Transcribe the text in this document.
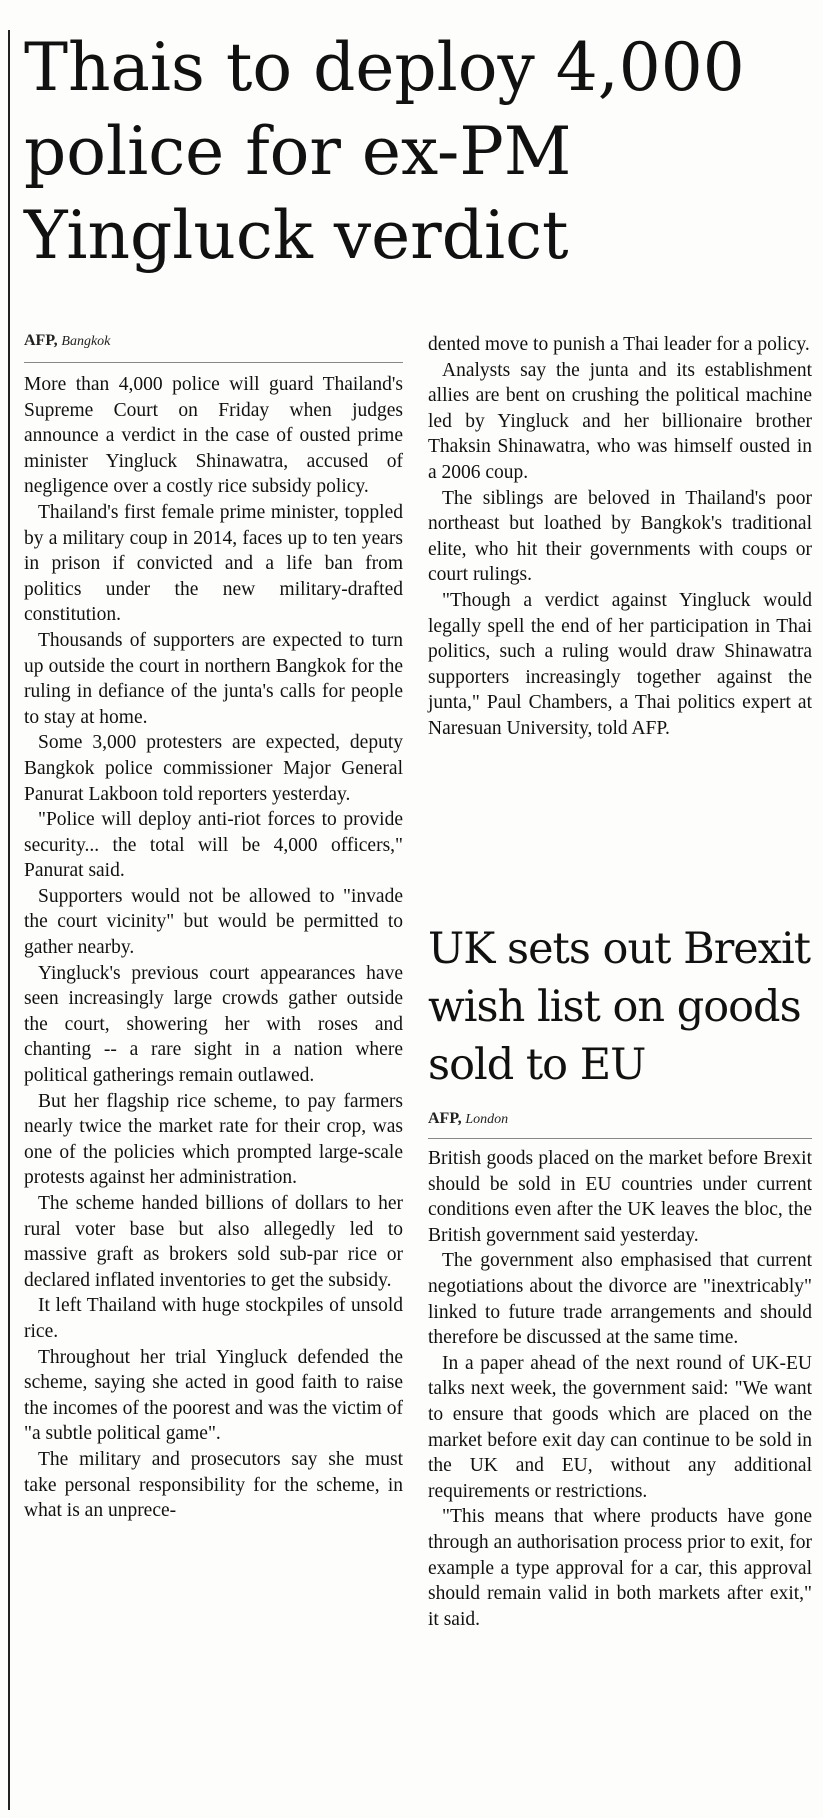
Thais to deploy 4,000 police for ex-PM Yingluck verdict
AFP, Bangkok

More than 4,000 police will guard Thailand's Supreme Court on Friday when judges announce a verdict in the case of ousted prime minister Yingluck Shinawatra, accused of negligence over a costly rice subsidy policy.

Thailand's first female prime minister, toppled by a military coup in 2014, faces up to ten years in prison if convicted and a life ban from politics under the new military-drafted constitution.

Thousands of supporters are expected to turn up outside the court in northern Bangkok for the ruling in defiance of the junta's calls for people to stay at home.

Some 3,000 protesters are expected, deputy Bangkok police commissioner Major General Panurat Lakboon told reporters yesterday.

"Police will deploy anti-riot forces to provide security... the total will be 4,000 officers," Panurat said.

Supporters would not be allowed to "invade the court vicinity" but would be permitted to gather nearby.

Yingluck's previous court appearances have seen increasingly large crowds gather outside the court, showering her with roses and chanting -- a rare sight in a nation where political gatherings remain outlawed.

But her flagship rice scheme, to pay farmers nearly twice the market rate for their crop, was one of the policies which prompted large-scale protests against her administration.

The scheme handed billions of dollars to her rural voter base but also allegedly led to massive graft as brokers sold sub-par rice or declared inflated inventories to get the subsidy.

It left Thailand with huge stockpiles of unsold rice.

Throughout her trial Yingluck defended the scheme, saying she acted in good faith to raise the incomes of the poorest and was the victim of "a subtle political game".

The military and prosecutors say she must take personal responsibility for the scheme, in what is an unprece-

dented move to punish a Thai leader for a policy.

Analysts say the junta and its establishment allies are bent on crushing the political machine led by Yingluck and her billionaire brother Thaksin Shinawatra, who was himself ousted in a 2006 coup.

The siblings are beloved in Thailand's poor northeast but loathed by Bangkok's traditional elite, who hit their governments with coups or court rulings.

"Though a verdict against Yingluck would legally spell the end of her participation in Thai politics, such a ruling would draw Shinawatra supporters increasingly together against the junta," Paul Chambers, a Thai politics expert at Naresuan University, told AFP.

UK sets out Brexit wish list on goods sold to EU
AFP, London

British goods placed on the market before Brexit should be sold in EU countries under current conditions even after the UK leaves the bloc, the British government said yesterday.

The government also emphasised that current negotiations about the divorce are "inextricably" linked to future trade arrangements and should therefore be discussed at the same time.

In a paper ahead of the next round of UK-EU talks next week, the government said: "We want to ensure that goods which are placed on the market before exit day can continue to be sold in the UK and EU, without any additional requirements or restrictions.

"This means that where products have gone through an authorisation process prior to exit, for example a type approval for a car, this approval should remain valid in both markets after exit," it said.
